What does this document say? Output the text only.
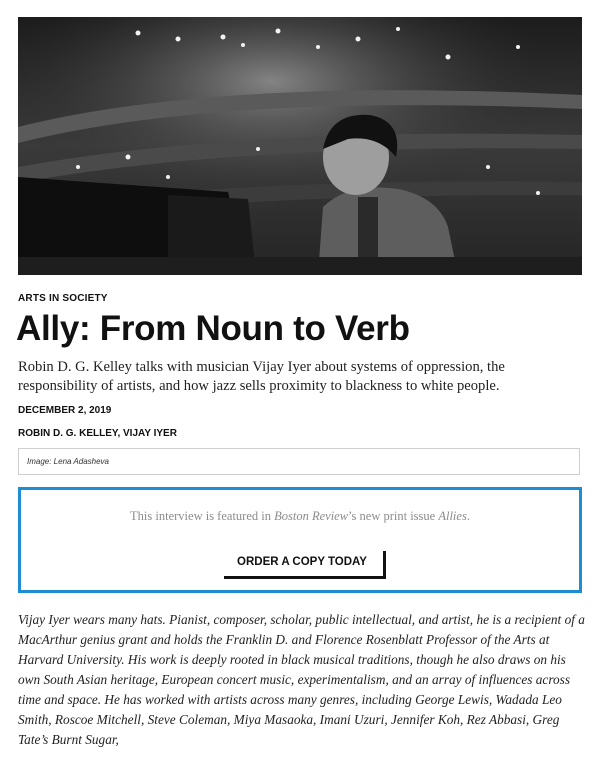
ARTS IN SOCIETY
Ally: From Noun to Verb

Robin D. G. Kelley talks with musician Vijay Iyer about systems of oppression, the responsibility of artists, and how jazz sells proximity to blackness to white people.

DECEMBER 2, 2019
ROBIN D. G. KELLEY, VIJAY IYER
Image: Lena Adasheva
This interview is featured in Boston Review’s new print issue Allies.
ORDER A COPY TODAY

Vijay Iyer wears many hats. Pianist, composer, scholar, public intellectual, and artist, he is a recipient of a MacArthur genius grant and holds the Franklin D. and Florence Rosenblatt Professor of the Arts at Harvard University. His work is deeply rooted in black musical traditions, though he also draws on his own South Asian heritage, European concert music, experimentalism, and an array of influences across time and space. He has worked with artists across many genres, including George Lewis, Wadada Leo Smith, Roscoe Mitchell, Steve Coleman, Miya Masaoka, Imani Uzuri, Jennifer Koh, Rez Abbasi, Greg Tate’s Burnt Sugar,
